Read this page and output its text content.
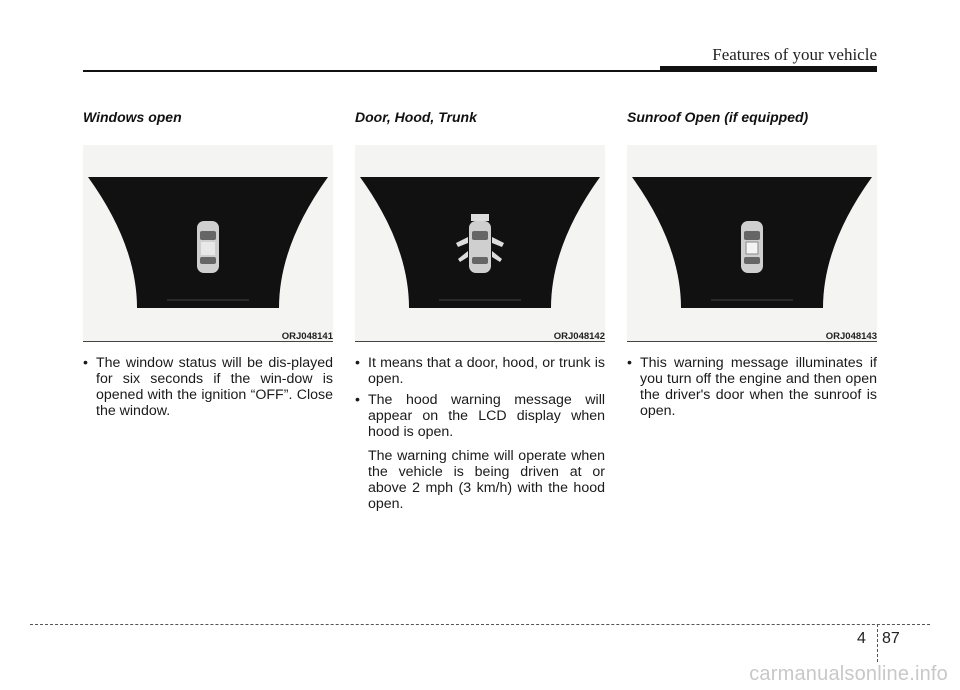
Features of your vehicle
Windows open
ORJ048141
• The window status will be dis-played for six seconds if the win-dow is opened with the ignition “OFF”. Close the window.
Door, Hood, Trunk
ORJ048142
• It means that a door, hood, or trunk is open.
• The hood warning message will appear on the LCD display when hood is open.
The warning chime will operate when the vehicle is being driven at or above 2 mph (3 km/h) with the hood open.
Sunroof Open (if equipped)
ORJ048143
• This warning message illuminates if you turn off the engine and then open the driver's door when the sunroof is open.
4 87
carmanualsonline.info
